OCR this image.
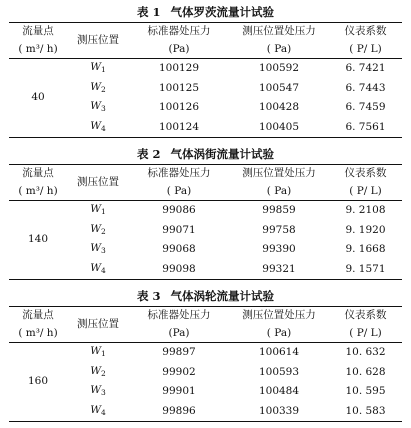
表 1 气体罗茨流量计试验
流量点	测压位置	标准器处压力	测压位置处压力	仪表系数
( m³/ h)		(Pa)	( Pa)	( P/ L)
40	$W_1$	100129	100592	6. 7421
	$W_2$	100125	100547	6. 7443
	$W_3$	100126	100428	6. 7459
	$W_4$	100124	100405	6. 7561
表 2 气体涡街流量计试验
流量点	测压位置	标准器处压力	测压位置处压力	仪表系数
( m³/ h)		( Pa)	( Pa)	( P/ L)
140	$W_1$	99086	99859	9. 2108
	$W_2$	99071	99758	9. 1920
	$W_3$	99068	99390	9. 1668
	$W_4$	99098	99321	9. 1571
表 3 气体涡轮流量计试验
流量点	测压位置	标准器处压力	测压位置处压力	仪表系数
( m³/ h)		(Pa)	( Pa)	( P/ L)
160	$W_1$	99897	100614	10. 632
	$W_2$	99902	100593	10. 628
	$W_3$	99901	100484	10. 595
	$W_4$	99896	100339	10. 583
